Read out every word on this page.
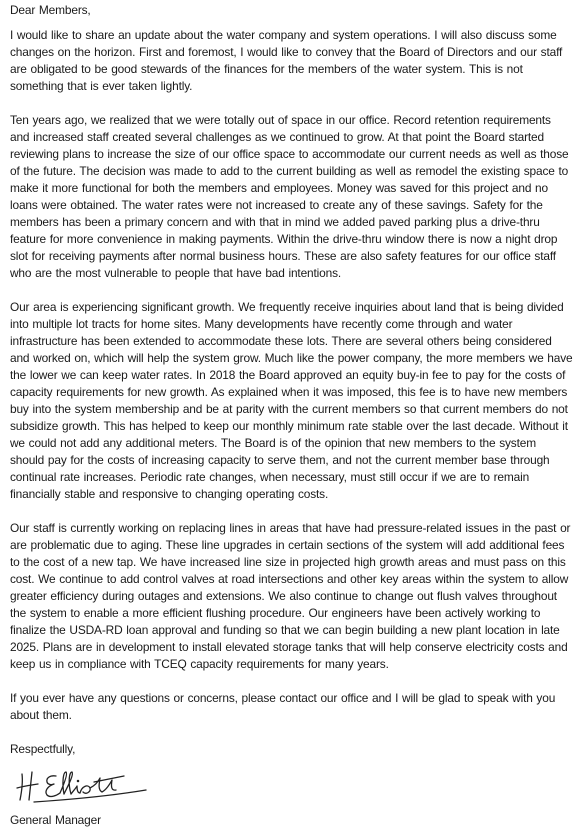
Dear Members,

I would like to share an update about the water company and system operations. I will also discuss some changes on the horizon. First and foremost, I would like to convey that the Board of Directors and our staff are obligated to be good stewards of the finances for the members of the water system. This is not something that is ever taken lightly.

Ten years ago, we realized that we were totally out of space in our office. Record retention requirements and increased staff created several challenges as we continued to grow. At that point the Board started reviewing plans to increase the size of our office space to accommodate our current needs as well as those of the future. The decision was made to add to the current building as well as remodel the existing space to make it more functional for both the members and employees. Money was saved for this project and no loans were obtained. The water rates were not increased to create any of these savings. Safety for the members has been a primary concern and with that in mind we added paved parking plus a drive-thru feature for more convenience in making payments. Within the drive-thru window there is now a night drop slot for receiving payments after normal business hours. These are also safety features for our office staff who are the most vulnerable to people that have bad intentions.

Our area is experiencing significant growth. We frequently receive inquiries about land that is being divided into multiple lot tracts for home sites. Many developments have recently come through and water infrastructure has been extended to accommodate these lots. There are several others being considered and worked on, which will help the system grow. Much like the power company, the more members we have the lower we can keep water rates. In 2018 the Board approved an equity buy-in fee to pay for the costs of capacity requirements for new growth. As explained when it was imposed, this fee is to have new members buy into the system membership and be at parity with the current members so that current members do not subsidize growth. This has helped to keep our monthly minimum rate stable over the last decade. Without it we could not add any additional meters. The Board is of the opinion that new members to the system should pay for the costs of increasing capacity to serve them, and not the current member base through continual rate increases. Periodic rate changes, when necessary, must still occur if we are to remain financially stable and responsive to changing operating costs.

Our staff is currently working on replacing lines in areas that have had pressure-related issues in the past or are problematic due to aging. These line upgrades in certain sections of the system will add additional fees to the cost of a new tap. We have increased line size in projected high growth areas and must pass on this cost. We continue to add control valves at road intersections and other key areas within the system to allow greater efficiency during outages and extensions. We also continue to change out flush valves throughout the system to enable a more efficient flushing procedure. Our engineers have been actively working to finalize the USDA-RD loan approval and funding so that we can begin building a new plant location in late 2025. Plans are in development to install elevated storage tanks that will help conserve electricity costs and keep us in compliance with TCEQ capacity requirements for many years.

If you ever have any questions or concerns, please contact our office and I will be glad to speak with you about them.

Respectfully,

General Manager
